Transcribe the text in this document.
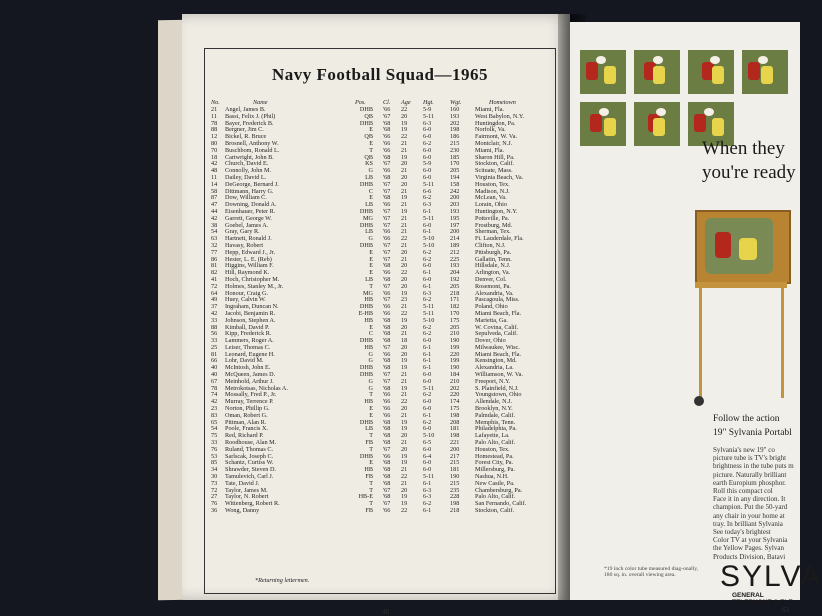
Navy Football Squad—1965
No.	Name	Pos.	Cl. Age Hgt.	Wgt.	Hometown
21 Angel, James B.	DHB '66 22	5-9	160	Miami, Fla.
11 Bassi, Felix J. (Phil)	QB '67 20	5-11	193	West Babylon, N.Y.
78 Bayer, Frederick B.	DHB '68 19	6-3	202	Huntingdon, Pa.
88 Bergner, Jim C.	E '68 19	6-0	198	Norfolk, Va.
12 Bickel, R. Bruce	QB '66 22	6-0	186	Fairmont, W. Va.
80 Brosnell, Anthony W.	E '66 21	6-2	215	Montclair, N.J.
70 Buschbom, Ronald L.	T '66 21	6-0	230	Miami, Fla.
18 Cartwright, John B.	QB '68 19	6-0	185	Sharon Hill, Pa.
42 Church, David E.	KS '67 20	5-9	170	Stockton, Calif.
48 Connolly, John M.	G '66 21	6-0	205	Scituate, Mass.
11 Dailey, David L.	LB '68 20	6-0	194	Virginia Beach, Va.
14 DeGeorge, Bernard J.	DHB '67 20	5-11	158	Houston, Tex.
58 Dittmann, Harry G.	C '67 21	6-6	242	Madison, N.J.
87 Dow, William C.	E '68 19	6-2	200	McLean, Va.
47 Downing, Donald A.	LB '66 21	6-3	203	Lorain, Ohio
44 Eisenhauer, Peter R.	DHB '67 19	6-1	193	Huntington, N.Y.
42 Garrett, George W.	MG '67 21	5-11	195	Pottsville, Pa.
38 Goebel, James A.	DHB '67 21	6-0	197	Frostburg, Md.
54 Gray, Gary R.	LB '66 21	6-1	200	Sherman, Tex.
63 Hartnett, Ronald J.	G '66 22	5-10	214	Ft. Lauderdale, Fla.
32 Havasy, Robert	DHB '67 21	5-10	189	Clifton, N.J.
77 Hepp, Edward J., Jr.	E '67 20	6-2	212	Pittsburgh, Pa.
86 Hester, L. E. (Reb)	E '67 21	6-2	225	Gallatin, Tenn.
81 Higgins, William F.	E '68 20	6-0	193	Hillsdale, N.J.
82 Hill, Raymond K.	E '66 22	6-1	204	Arlington, Va.
41 Hoch, Christopher M.	LB '68 20	6-0	192	Denver, Col.
72 Holmes, Stanley M., Jr.	T '67 20	6-1	205	Rosemont, Pa.
64 Honour, Craig G.	MG '66 19	6-3	218	Alexandria, Va.
49 Huey, Calvin W.	HB '67 23	6-2	171	Pascagoula, Miss.
37 Ingraham, Duncan N.	DHB '66 21	5-11	182	Poland, Ohio
42 Jacobi, Benjamin R.	E-HB '66 22	5-11	170	Miami Beach, Fla.
33 Johnson, Stephen A.	HB '68 19	5-10	175	Marietta, Ga.
88 Kimball, David P.	E '68 20	6-2	205	W. Covina, Calif.
56 Kipp, Frederick R.	C '68 21	6-2	210	Sepulveda, Calif.
33 Lammers, Roger A.	DHB '68 18	6-0	190	Dover, Ohio
25 Leiser, Thomas C.	HB '67 20	6-1	199	Milwaukee, Wisc.
81 Leonard, Eugene H.	G '66 20	6-1	220	Miami Beach, Fla.
66 Lohr, David M.	G '68 19	6-1	199	Kensington, Md.
40 McIntosh, John E.	DHB '68 19	6-1	190	Alexandria, La.
40 McQueen, James D.	DHB '67 21	6-0	184	Williamson, W. Va.
67 Meinhold, Arthur J.	G '67 21	6-0	210	Freeport, N.Y.
78 Metrokotsas, Nicholas A.	G '68 19	5-11	202	S. Plainfield, N.J.
74 Mossally, Fred P., Jr.	T '66 21	6-2	220	Youngstown, Ohio
42 Murray, Terrence P.	HB '66 22	6-0	174	Allendale, N.J.
23 Norton, Phillip G.	E '66 20	6-0	175	Brooklyn, N.Y.
83 Oman, Robert G.	E '66 21	6-1	198	Palmdale, Calif.
65 Pittman, Alan R.	DHB '68 19	6-2	208	Memphis, Tenn.
54 Poole, Francis X.	LB '68 19	6-0	181	Philadelphia, Pa.
75 Red, Richard P.	T '68 20	5-10	198	Lafayette, La.
33 Roodhouse, Alan M.	FB '68 21	6-5	221	Palo Alto, Calif.
76 Ruland, Thomas C.	T '67 20	6-0	200	Houston, Tex.
53 Sarlscak, Joseph C.	DHB '66 19	6-4	217	Homestead, Pa.
85 Schantz, Curtiss W.	E '68 19	6-0	215	Forest City, Pa.
34 Shrawder, Steven D.	HB '68 21	6-0	181	Millersburg, Pa.
30 Tamulevich, Carl J.	FB '68 22	5-11	190	Nashua, N.H.
73 Tate, David J.	T '68 21	6-1	215	New Castle, Pa.
72 Taylor, James M.	T '67 20	6-3	235	Chambersburg, Pa.
27 Taylor, N. Robert	HB-E '68 19	6-3	228	Palo Alto, Calif.
76 Wittenberg, Robert R.	T '67 19	6-2	198	San Fernando, Calif.
36 Wong, Danny	FB '66 22	6-1	218	Stockton, Calif.
*Returning lettermen.
48
When they
you're ready
Follow the action
19" Sylvania Portabl
Sylvania's new 19" co
picture tube is TV's bright
brightness in the tube puts m
picture. Naturally brilliant
earth Europium phosphor.
Roll this compact col
Face it in any direction. It
champion. Put the 50-yard
any chair in your home at
tray. In brilliant Sylvania
See today's brightest
Color TV at your Sylvania
the Yellow Pages. Sylvan
Products Division, Batavi
*19 inch color tube measured diag-onally, 180 sq. in. overall viewing area.	SYLVA
GENERAL TELEPHONE & ELE
63
